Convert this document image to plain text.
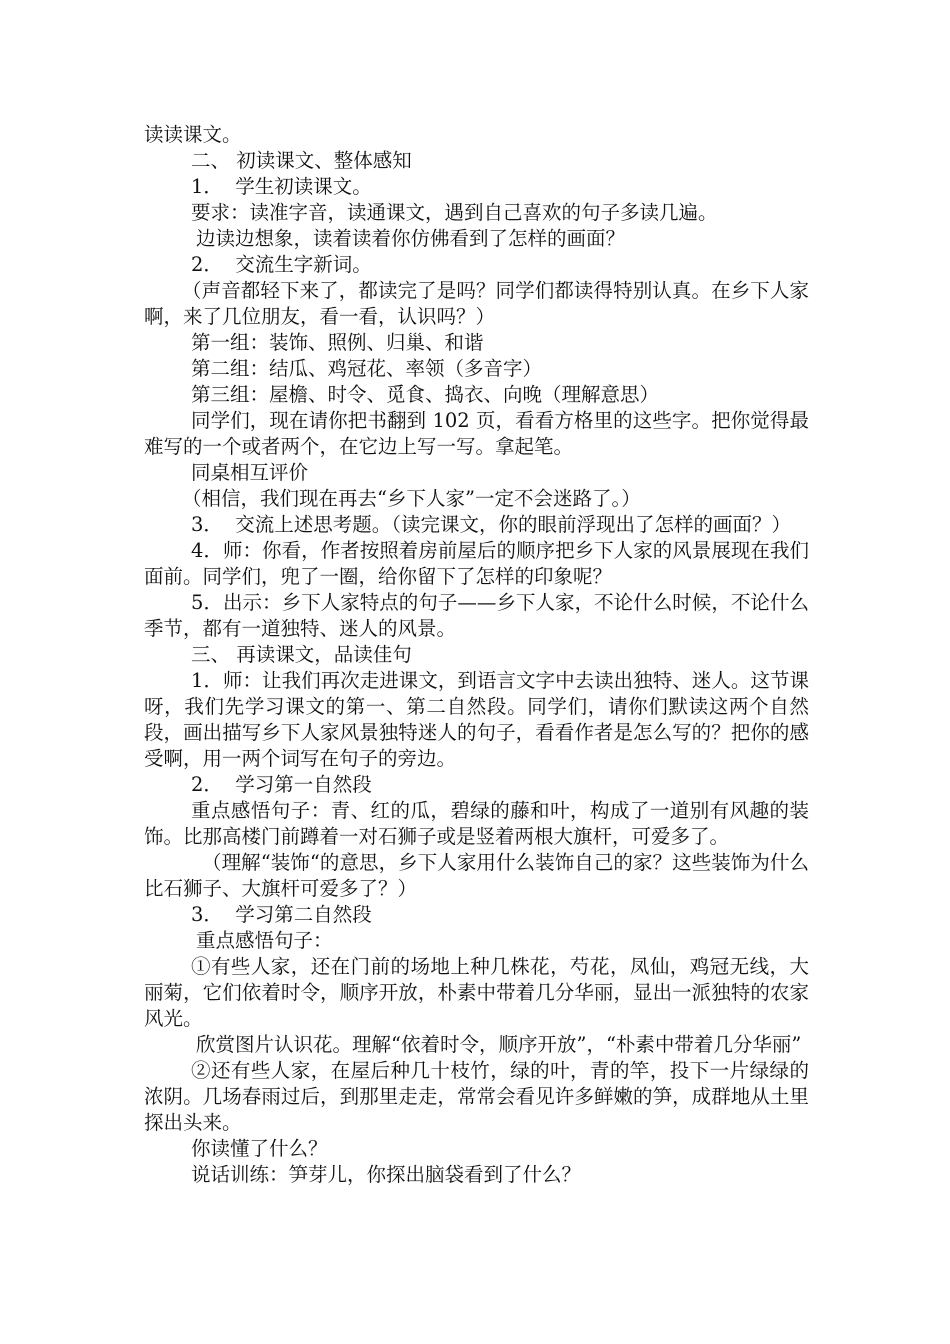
读读课文。

二、 初读课文、整体感知

1．  学生初读课文。

要求：读准字音，读通课文，遇到自己喜欢的句子多读几遍。

边读边想象，读着读着你仿佛看到了怎样的画面？

2．  交流生字新词。

（声音都轻下来了，都读完了是吗？同学们都读得特别认真。在乡下人家啊，来了几位朋友，看一看，认识吗？）

第一组：装饰、照例、归巢、和谐

第二组：结瓜、鸡冠花、率领（多音字）

第三组：屋檐、时令、觅食、捣衣、向晚（理解意思）

同学们，现在请你把书翻到 102 页，看看方格里的这些字。把你觉得最难写的一个或者两个，在它边上写一写。拿起笔。

同桌相互评价

（相信，我们现在再去“乡下人家”一定不会迷路了。）

3．  交流上述思考题。（读完课文，你的眼前浮现出了怎样的画面？）

4．师：你看，作者按照着房前屋后的顺序把乡下人家的风景展现在我们面前。同学们，兜了一圈，给你留下了怎样的印象呢？

5．出示：乡下人家特点的句子——乡下人家，不论什么时候，不论什么季节，都有一道独特、迷人的风景。

三、 再读课文，品读佳句

1．师：让我们再次走进课文，到语言文字中去读出独特、迷人。这节课呀，我们先学习课文的第一、第二自然段。同学们，请你们默读这两个自然段，画出描写乡下人家风景独特迷人的句子，看看作者是怎么写的？把你的感受啊，用一两个词写在句子的旁边。

2．  学习第一自然段

重点感悟句子：青、红的瓜，碧绿的藤和叶，构成了一道别有风趣的装饰。比那高楼门前蹲着一对石狮子或是竖着两根大旗杆，可爱多了。

（理解“装饰“的意思，乡下人家用什么装饰自己的家？这些装饰为什么比石狮子、大旗杆可爱多了？）

3．  学习第二自然段

重点感悟句子：

①有些人家，还在门前的场地上种几株花，芍花，凤仙，鸡冠无线，大丽菊，它们依着时令，顺序开放，朴素中带着几分华丽，显出一派独特的农家风光。

欣赏图片认识花。理解“依着时令，顺序开放”，“朴素中带着几分华丽”

②还有些人家，在屋后种几十枝竹，绿的叶，青的竿，投下一片绿绿的浓阴。几场春雨过后，到那里走走，常常会看见许多鲜嫩的笋，成群地从土里探出头来。

你读懂了什么？

说话训练：笋芽儿，你探出脑袋看到了什么？
